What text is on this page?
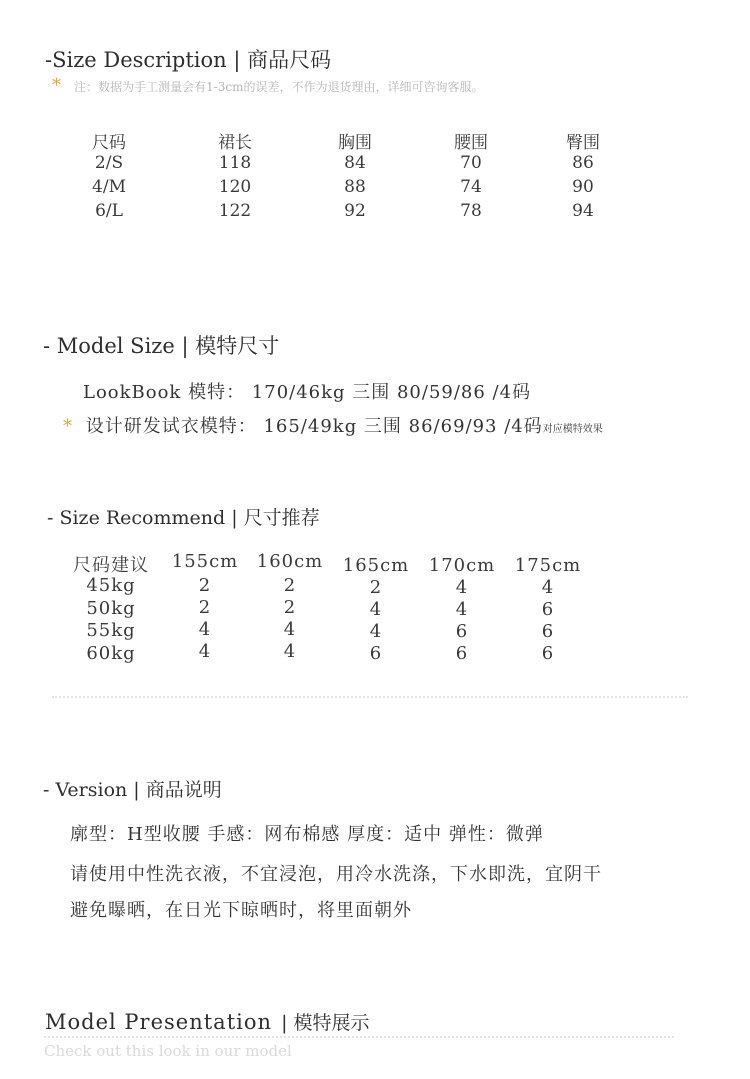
-Size Description | 商品尺码
* 注：数据为手工测量会有1-3cm的误差，不作为退货理由，详细可咨询客服。
尺码	裙长	胸围	腰围	臀围
2/S	118	84	70	86
4/M	120	88	74	90
6/L	122	92	78	94
- Model Size | 模特尺寸
LookBook 模特： 170/46kg 三围 80/59/86 /4码
* 设计研发试衣模特： 165/49kg 三围 86/69/93 /4码对应模特效果
- Size Recommend | 尺寸推荐
尺码建议 155cm 160cm 165cm 170cm 175cm
45kg	2	2	2	4	4
50kg	2	2	4	4	6
55kg	4	4	4	6	6
60kg	4	4	6	6	6
- Version | 商品说明
廓型：H型收腰 手感：网布棉感 厚度：适中 弹性：微弹
请使用中性洗衣液，不宜浸泡，用冷水洗涤，下水即洗，宜阴干
避免曝晒，在日光下晾晒时，将里面朝外
Model Presentation | 模特展示
Check out this look in our model
